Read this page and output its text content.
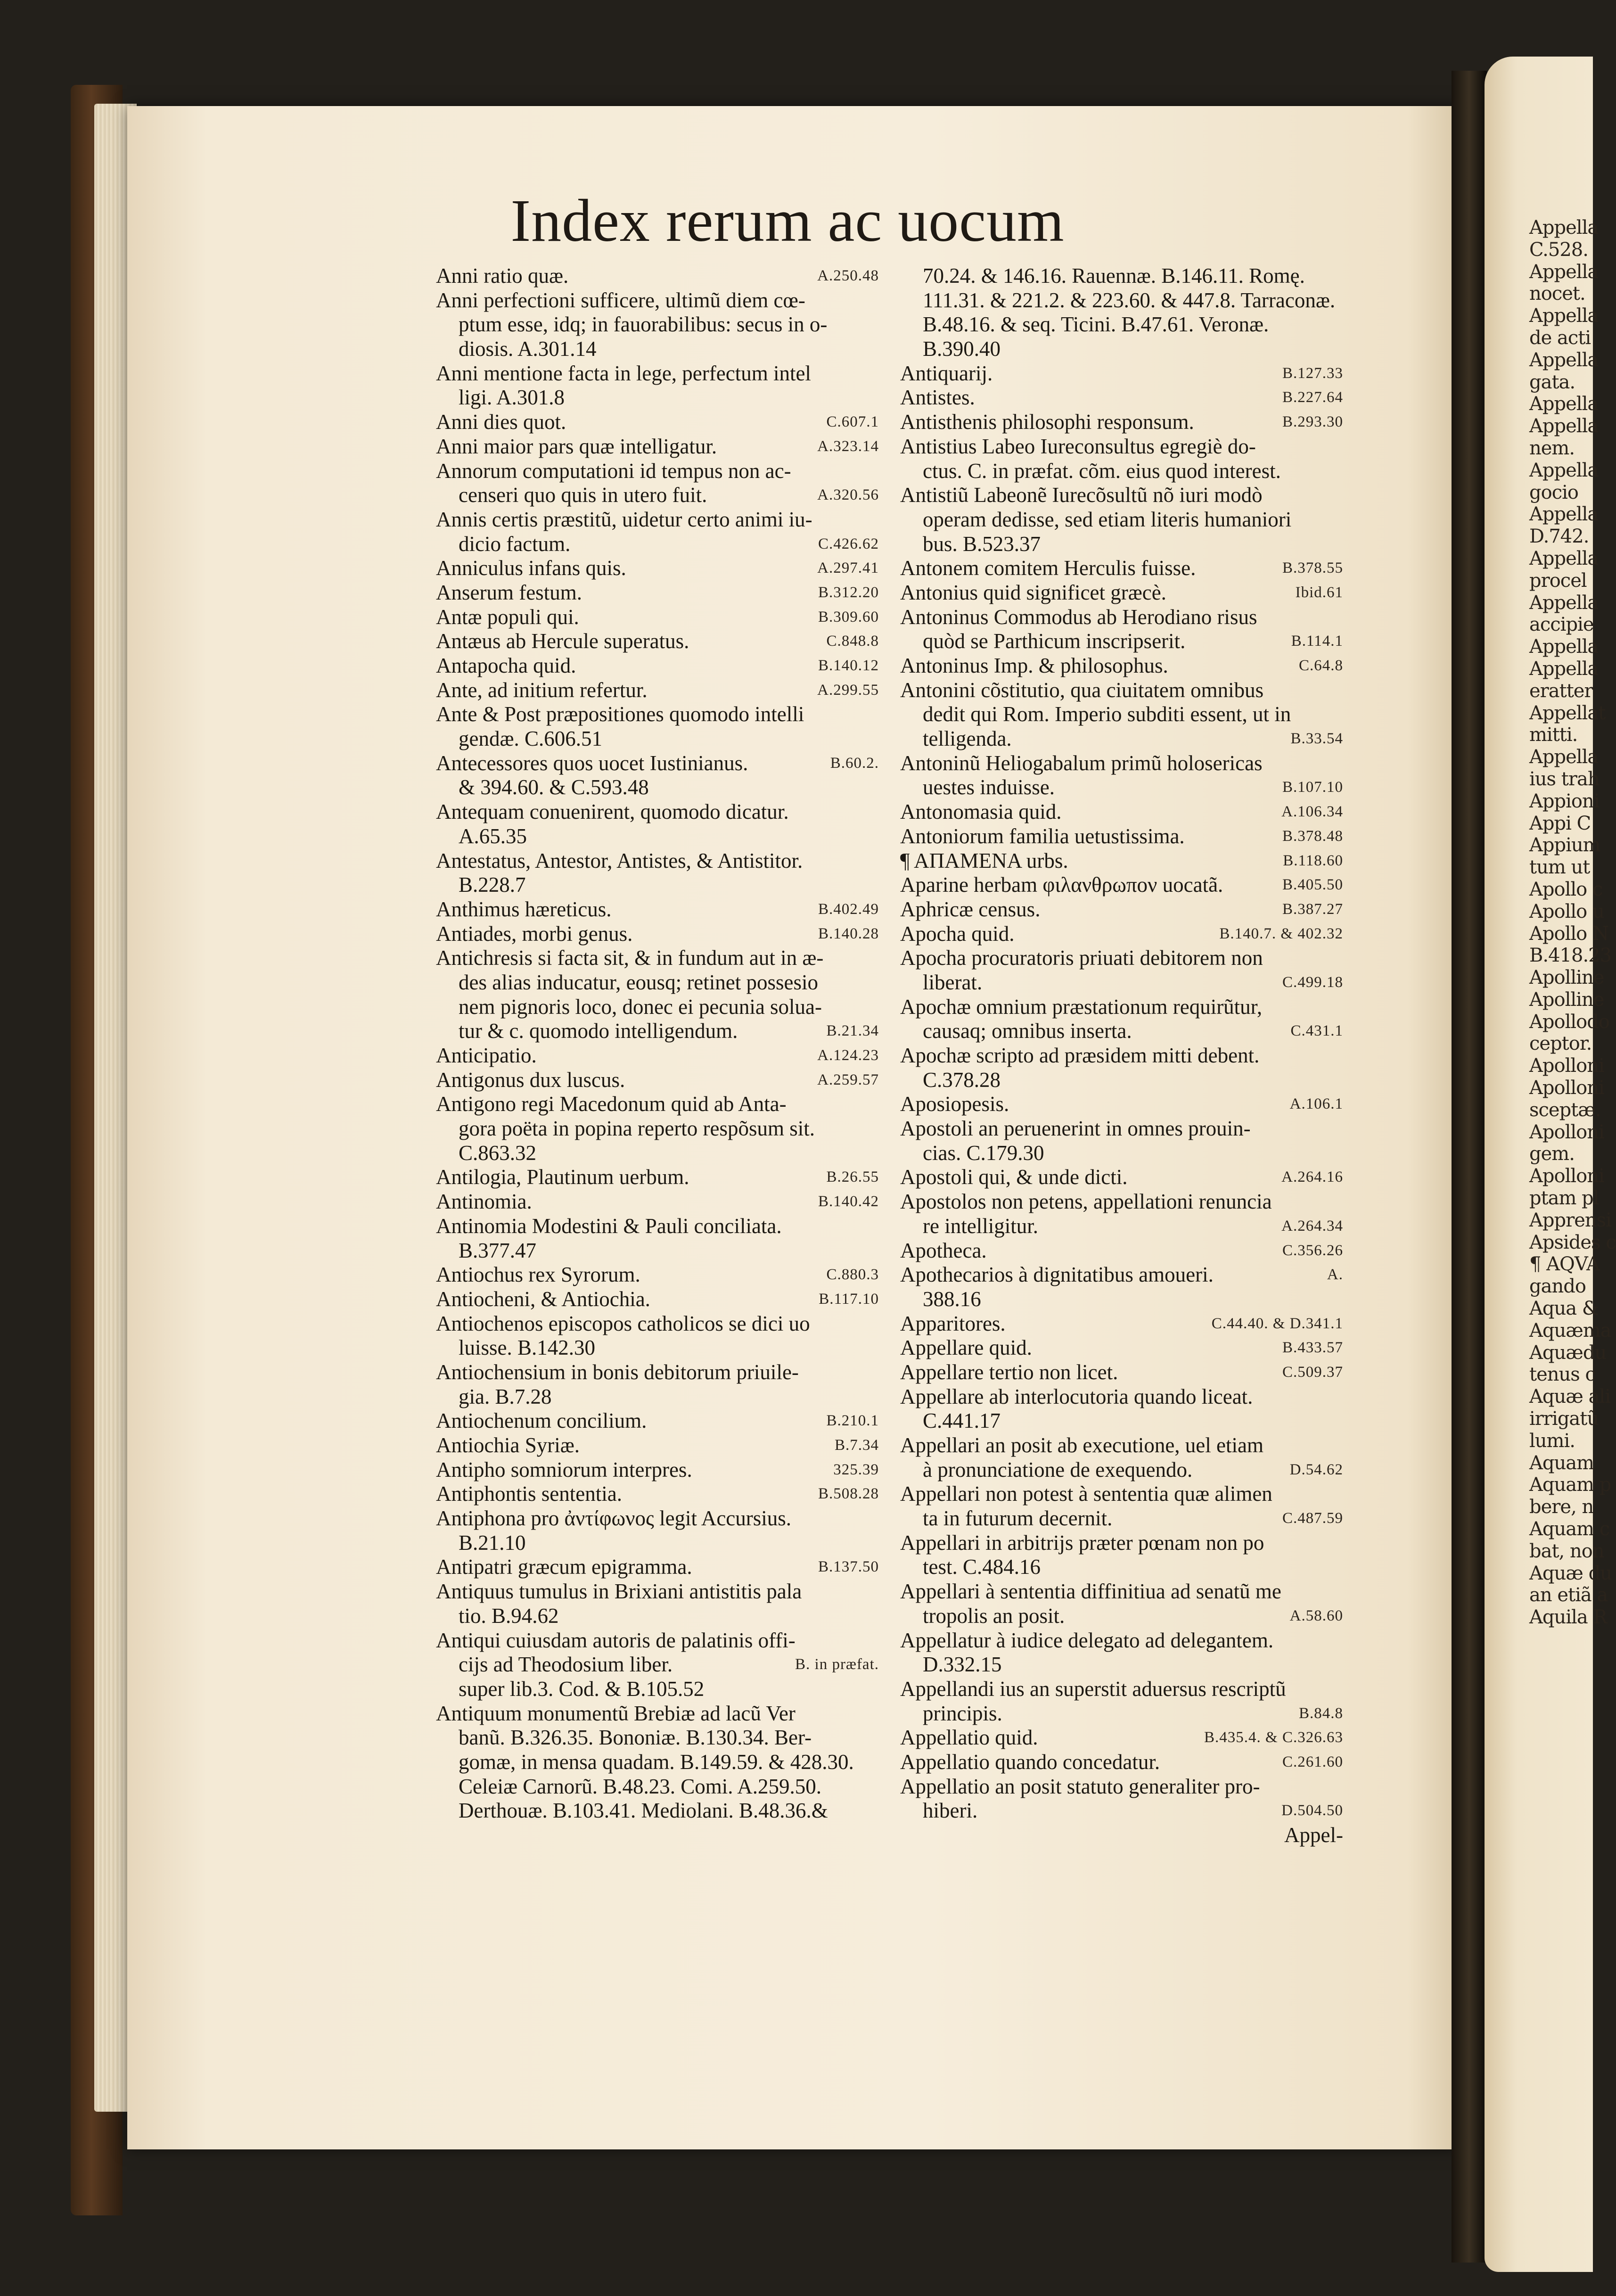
Appella
C.528.
Appella
nocet.
Appella
de acti
Appella
gata.
Appella
Appella
nem.
Appella
gocio
Appella
D.742.
Appella
procel
Appella
accipie
Appella
Appella
eratter
Appellat
mitti.
Appella
ius trah
Appioni
Appi C
Appium
tum ut
Apollo c
Apollo u
Apollo N
B.418.23
Apolline
Apolline
Apollodo
ceptor.
Apolloni
Apolloni
sceptæ.
Apolloni
gem.
Apolloni
ptam pl
Apprensi
Apsides c
¶ AQVA
gando
Aqua &
Aquæma
Aquædu
tenus c
Aquæ ali
irrigatũ
lumi.
Aquam
Aquam p
bere, n
Aquam c
bat, non
Aquæ du
an etiã a
Aquila R
Index rerum ac uocum
Anni ratio quæ.	A.250.48
Anni perfectioni sufficere, ultimũ diem cœ-
ptum esse, idq; in fauorabilibus: secus in o-
diosis. A.301.14
Anni mentione facta in lege, perfectum intel
ligi. A.301.8
Anni dies quot.	C.607.1
Anni maior pars quæ intelligatur.	A.323.14
Annorum computationi id tempus non ac-
censeri quo quis in utero fuit.	A.320.56
Annis certis præstitũ, uidetur certo animi iu-
dicio factum.	C.426.62
Anniculus infans quis.	A.297.41
Anserum festum.	B.312.20
Antæ populi qui.	B.309.60
Antæus ab Hercule superatus.	C.848.8
Antapocha quid.	B.140.12
Ante, ad initium refertur.	A.299.55
Ante & Post præpositiones quomodo intelli
gendæ. C.606.51
Antecessores quos uocet Iustinianus.	B.60.2.
& 394.60. & C.593.48
Antequam conuenirent, quomodo dicatur.
A.65.35
Antestatus, Antestor, Antistes, & Antistitor.
B.228.7
Anthimus hæreticus.	B.402.49
Antiades, morbi genus.	B.140.28
Antichresis si facta sit, & in fundum aut in æ-
des alias inducatur, eousq; retinet possesio
nem pignoris loco, donec ei pecunia solua-
tur & c. quomodo intelligendum.	B.21.34
Anticipatio.	A.124.23
Antigonus dux luscus.	A.259.57
Antigono regi Macedonum quid ab Anta-
gora poëta in popina reperto respõsum sit.
C.863.32
Antilogia, Plautinum uerbum.	B.26.55
Antinomia.	B.140.42
Antinomia Modestini & Pauli conciliata.
B.377.47
Antiochus rex Syrorum.	C.880.3
Antiocheni, & Antiochia.	B.117.10
Antiochenos episcopos catholicos se dici uo
luisse. B.142.30
Antiochensium in bonis debitorum priuile-
gia. B.7.28
Antiochenum concilium.	B.210.1
Antiochia Syriæ.	B.7.34
Antipho somniorum interpres.	325.39
Antiphontis sententia.	B.508.28
Antiphona pro ἀντίφωνος legit Accursius.
B.21.10
Antipatri græcum epigramma.	B.137.50
Antiquus tumulus in Brixiani antistitis pala
tio. B.94.62
Antiqui cuiusdam autoris de palatinis offi-
cijs ad Theodosium liber.	B. in præfat.
super lib.3. Cod. & B.105.52
Antiquum monumentũ Brebiæ ad lacũ Ver
banũ. B.326.35. Bononiæ. B.130.34. Ber-
gomæ, in mensa quadam. B.149.59. & 428.30.
Celeiæ Carnorũ. B.48.23. Comi. A.259.50.
Derthouæ. B.103.41. Mediolani. B.48.36.&
70.24. & 146.16. Rauennæ. B.146.11. Romę.
111.31. & 221.2. & 223.60. & 447.8. Tarraconæ.
B.48.16. & seq. Ticini. B.47.61. Veronæ.
B.390.40
Antiquarij.	B.127.33
Antistes.	B.227.64
Antisthenis philosophi responsum.	B.293.30
Antistius Labeo Iureconsultus egregiè do-
ctus. C. in præfat. cõm. eius quod interest.
Antistiũ Labeonẽ Iurecõsultũ nõ iuri modò
operam dedisse, sed etiam literis humaniori
bus. B.523.37
Antonem comitem Herculis fuisse.	B.378.55
Antonius quid significet græcè.	Ibid.61
Antoninus Commodus ab Herodiano risus
quòd se Parthicum inscripserit.	B.114.1
Antoninus Imp. & philosophus.	C.64.8
Antonini cõstitutio, qua ciuitatem omnibus
dedit qui Rom. Imperio subditi essent, ut in
telligenda.	B.33.54
Antoninũ Heliogabalum primũ holosericas
uestes induisse.	B.107.10
Antonomasia quid.	A.106.34
Antoniorum familia uetustissima.	B.378.48
¶ ΑΠΑΜΕΝΑ urbs.	B.118.60
Aparine herbam φιλανθρωπον uocatã.	B.405.50
Aphricæ census.	B.387.27
Apocha quid.	B.140.7. & 402.32
Apocha procuratoris priuati debitorem non
liberat.	C.499.18
Apochæ omnium præstationum requirũtur,
causaq; omnibus inserta.	C.431.1
Apochæ scripto ad præsidem mitti debent.
C.378.28
Aposiopesis.	A.106.1
Apostoli an peruenerint in omnes prouin-
cias. C.179.30
Apostoli qui, & unde dicti.	A.264.16
Apostolos non petens, appellationi renuncia
re intelligitur.	A.264.34
Apotheca.	C.356.26
Apothecarios à dignitatibus amoueri.	A.
388.16
Apparitores.	C.44.40. & D.341.1
Appellare quid.	B.433.57
Appellare tertio non licet.	C.509.37
Appellare ab interlocutoria quando liceat.
C.441.17
Appellari an posit ab executione, uel etiam
à pronunciatione de exequendo.	D.54.62
Appellari non potest à sententia quæ alimen
ta in futurum decernit.	C.487.59
Appellari in arbitrijs præter pœnam non po
test. C.484.16
Appellari à sententia diffinitiua ad senatũ me
tropolis an posit.	A.58.60
Appellatur à iudice delegato ad delegantem.
D.332.15
Appellandi ius an superstit aduersus rescriptũ
principis.	B.84.8
Appellatio quid.	B.435.4. & C.326.63
Appellatio quando concedatur.	C.261.60
Appellatio an posit statuto generaliter pro-
hiberi.	D.504.50
Appel-
